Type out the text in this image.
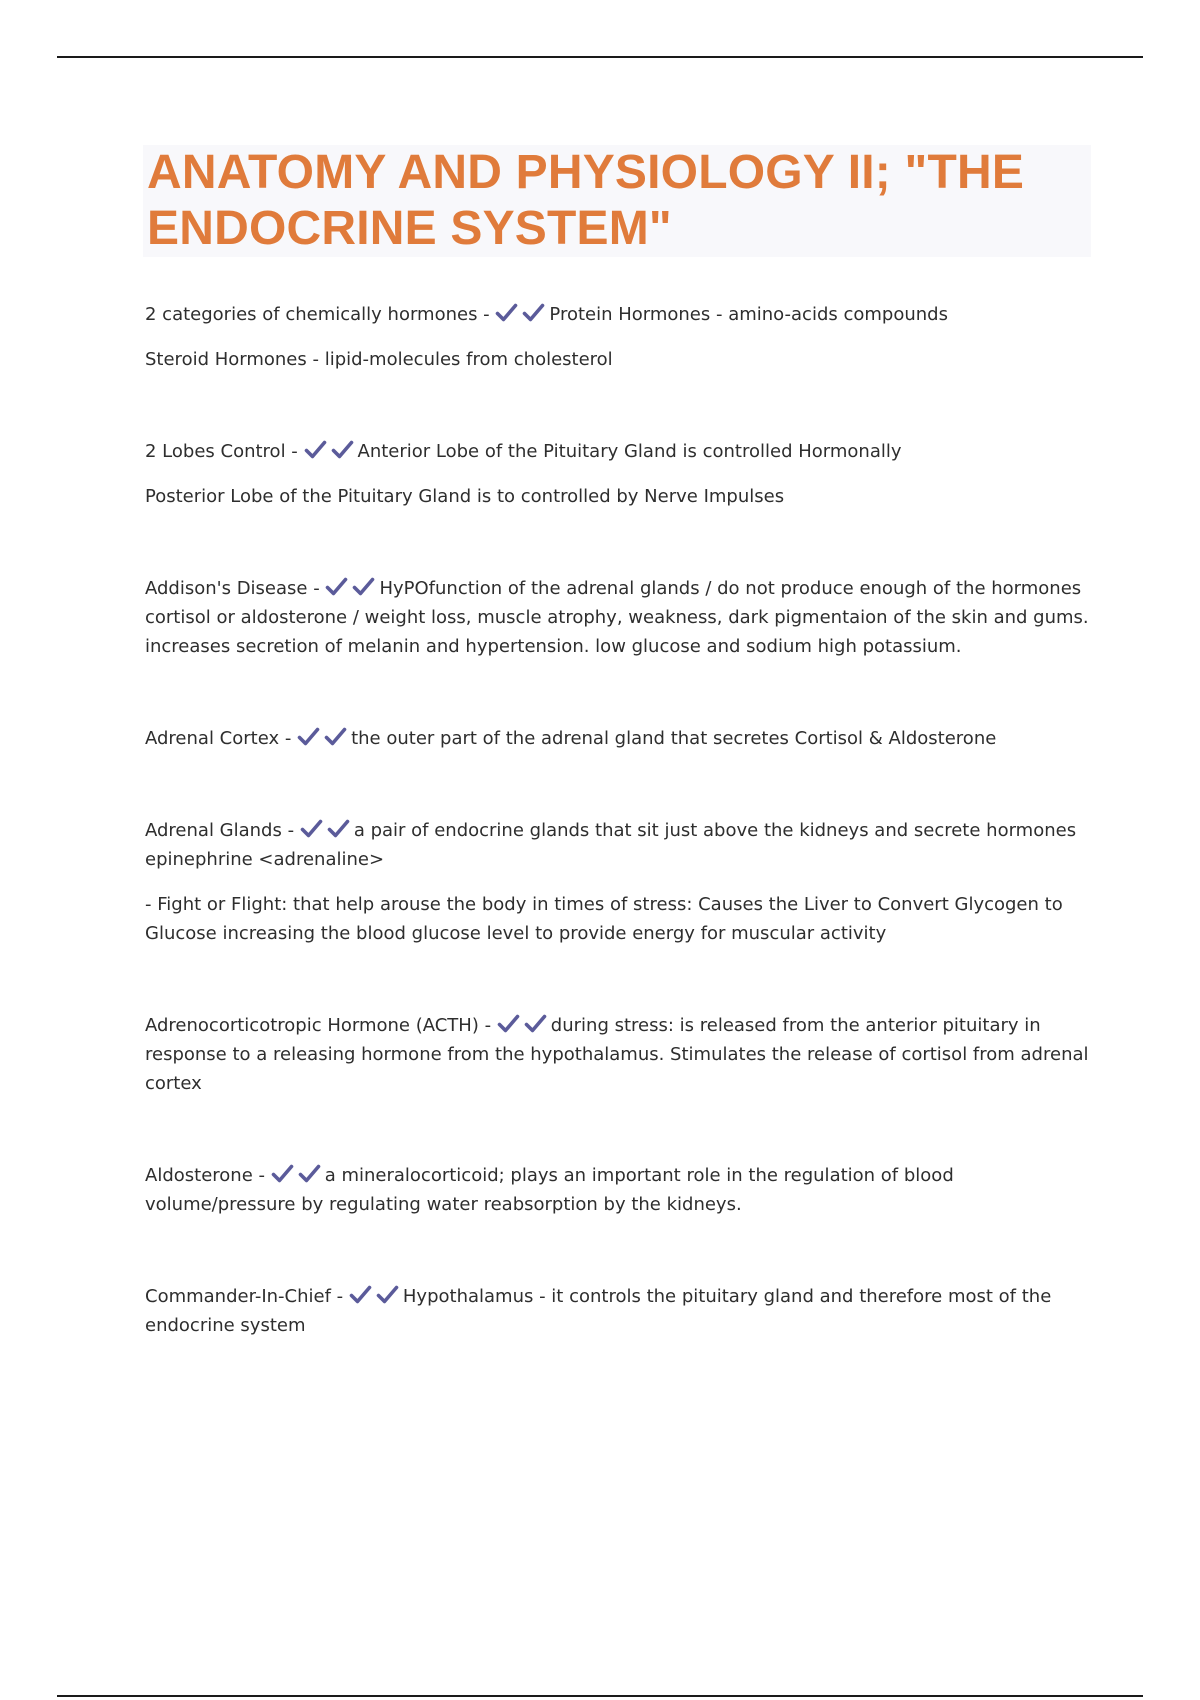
ANATOMY AND PHYSIOLOGY II; "THE
ENDOCRINE SYSTEM"

2 categories of chemically hormones -	Protein Hormones - amino-acids compounds

Steroid Hormones - lipid-molecules from cholesterol

2 Lobes Control -	Anterior Lobe of the Pituitary Gland is controlled Hormonally

Posterior Lobe of the Pituitary Gland is to controlled by Nerve Impulses

Addison's Disease -	HyPOfunction of the adrenal glands / do not produce enough of the hormones cortisol or aldosterone / weight loss, muscle atrophy, weakness, dark pigmentaion of the skin and gums. increases secretion of melanin and hypertension. low glucose and sodium high potassium.

Adrenal Cortex -	the outer part of the adrenal gland that secretes Cortisol & Aldosterone

Adrenal Glands -	a pair of endocrine glands that sit just above the kidneys and secrete hormones epinephrine <adrenaline>

- Fight or Flight: that help arouse the body in times of stress: Causes the Liver to Convert Glycogen to Glucose increasing the blood glucose level to provide energy for muscular activity

Adrenocorticotropic Hormone (ACTH) -	during stress: is released from the anterior pituitary in response to a releasing hormone from the hypothalamus. Stimulates the release of cortisol from adrenal cortex

Aldosterone -	a mineralocorticoid; plays an important role in the regulation of blood volume/pressure by regulating water reabsorption by the kidneys.

Commander-In-Chief -	Hypothalamus - it controls the pituitary gland and therefore most of the endocrine system
